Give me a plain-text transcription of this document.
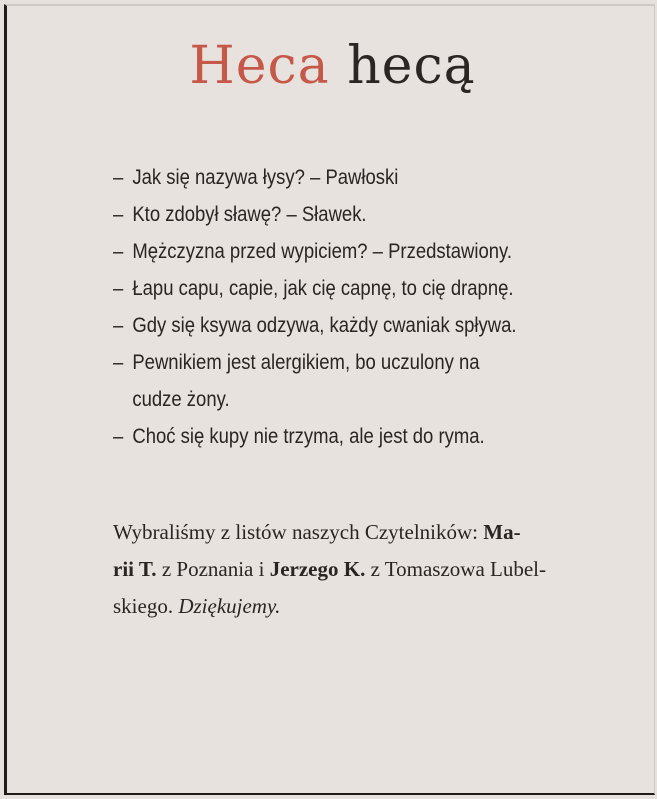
Heca hecą
– Jak się nazywa łysy? – Pawłoski
– Kto zdobył sławę? – Sławek.
– Mężczyzna przed wypiciem? – Przedstawiony.
– Łapu capu, capie, jak cię capnę, to cię drapnę.
– Gdy się ksywa odzywa, każdy cwaniak spływa.
– Pewnikiem jest alergikiem, bo uczulony na
cudze żony.
– Choć się kupy nie trzyma, ale jest do ryma.

Wybraliśmy z listów naszych Czytelników: Ma-

rii T. z Poznania i Jerzego K. z Tomaszowa Lubel-

skiego. Dziękujemy.
